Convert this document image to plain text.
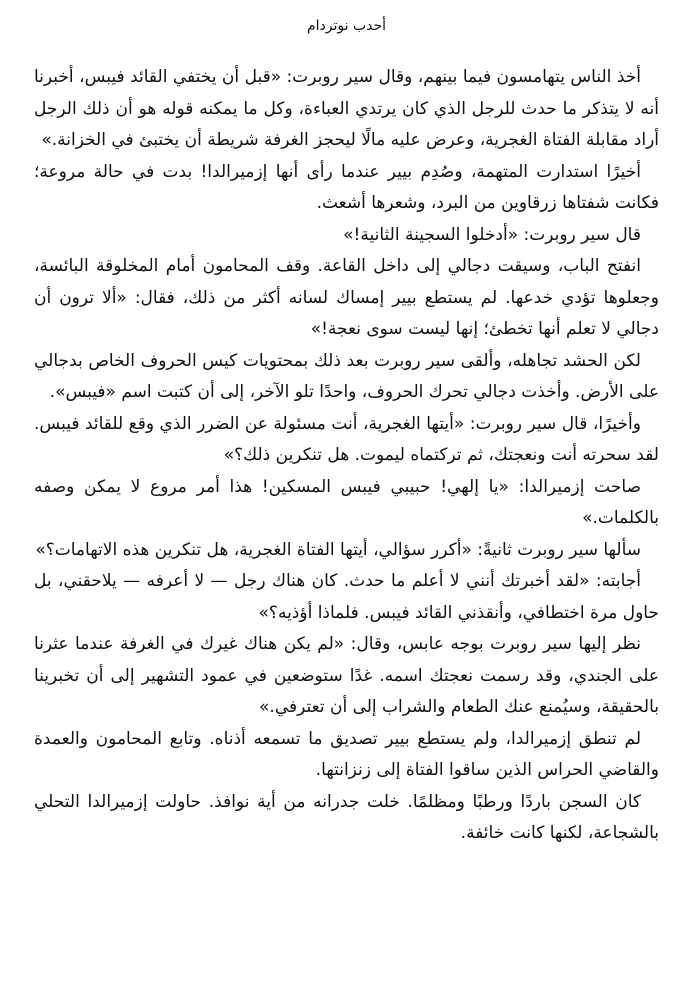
أحدب نوتردام

أخذ الناس يتهامسون فيما بينهم، وقال سير روبرت: «قبل أن يختفي القائد فيبس، أخبرنا أنه لا يتذكر ما حدث للرجل الذي كان يرتدي العباءة، وكل ما يمكنه قوله هو أن ذلك الرجل أراد مقابلة الفتاة الغجرية، وعرض عليه مالًا ليحجز الغرفة شريطة أن يختبئ في الخزانة.»

أخيرًا استدارت المتهمة، وصُدِم بيير عندما رأى أنها إزميرالدا! بدت في حالة مروعة؛ فكانت شفتاها زرقاوين من البرد، وشعرها أشعث.

قال سير روبرت: «أدخلوا السجينة الثانية!»

انفتح الباب، وسيقت دجالي إلى داخل القاعة. وقف المحامون أمام المخلوقة البائسة، وجعلوها تؤدي خدعها. لم يستطع بيير إمساك لسانه أكثر من ذلك، فقال: «ألا ترون أن دجالي لا تعلم أنها تخطئ؛ إنها ليست سوى نعجة!»

لكن الحشد تجاهله، وألقى سير روبرت بعد ذلك بمحتويات كيس الحروف الخاص بدجالي على الأرض. وأخذت دجالي تحرك الحروف، واحدًا تلو الآخر، إلى أن كتبت اسم «فيبس».

وأخيرًا، قال سير روبرت: «أيتها الغجرية، أنت مسئولة عن الضرر الذي وقع للقائد فيبس. لقد سحرته أنت ونعجتك، ثم تركتماه ليموت. هل تنكرين ذلك؟»

صاحت إزميرالدا: «يا إلهي! حبيبي فيبس المسكين! هذا أمر مروع لا يمكن وصفه بالكلمات.»

سألها سير روبرت ثانيةً: «أكرر سؤالي، أيتها الفتاة الغجرية، هل تنكرين هذه الاتهامات؟»

أجابته: «لقد أخبرتك أنني لا أعلم ما حدث. كان هناك رجل — لا أعرفه — يلاحقني، بل حاول مرة اختطافي، وأنقذني القائد فيبس. فلماذا أؤذيه؟»

نظر إليها سير روبرت بوجه عابس، وقال: «لم يكن هناك غيرك في الغرفة عندما عثرنا على الجندي، وقد رسمت نعجتك اسمه. غدًا ستوضعين في عمود التشهير إلى أن تخبرينا بالحقيقة، وسيُمنع عنك الطعام والشراب إلى أن تعترفي.»

لم تنطق إزميرالدا، ولم يستطع بيير تصديق ما تسمعه أذناه. وتابع المحامون والعمدة والقاضي الحراس الذين ساقوا الفتاة إلى زنزانتها.

كان السجن باردًا ورطبًا ومظلمًا. خلت جدرانه من أية نوافذ. حاولت إزميرالدا التحلي بالشجاعة، لكنها كانت خائفة.
